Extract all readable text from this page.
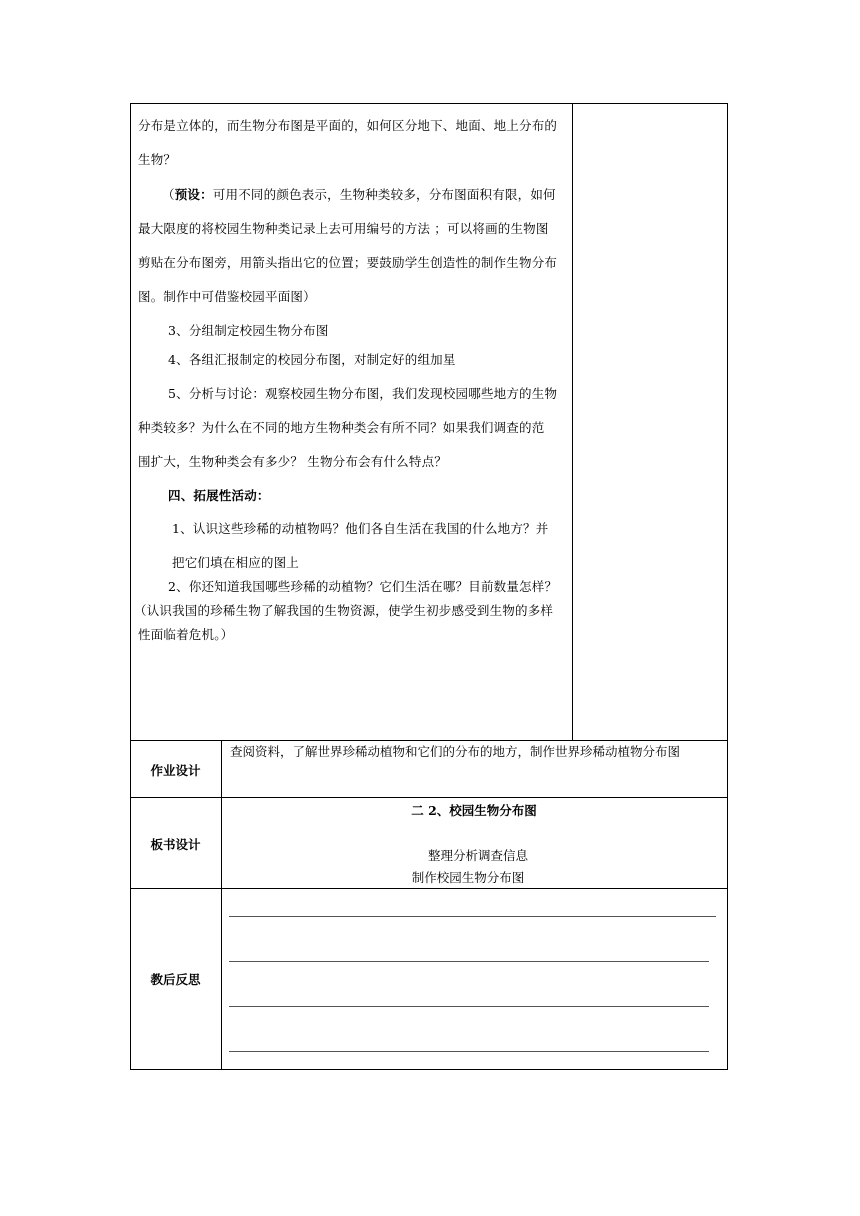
分布是立体的，而生物分布图是平面的，如何区分地下、地面、地上分布的
生物？
（预设：可用不同的颜色表示，生物种类较多，分布图面积有限，如何
最大限度的将校园生物种类记录上去可用编号的方法 ；可以将画的生物图
剪贴在分布图旁，用箭头指出它的位置；要鼓励学生创造性的制作生物分布
图。制作中可借鉴校园平面图）
3、分组制定校园生物分布图
4、各组汇报制定的校园分布图，对制定好的组加星
5、分析与讨论：观察校园生物分布图，我们发现校园哪些地方的生物
种类较多？为什么在不同的地方生物种类会有所不同？如果我们调查的范
围扩大，生物种类会有多少？ 生物分布会有什么特点？
四、拓展性活动：
1、认识这些珍稀的动植物吗？他们各自生活在我国的什么地方？并
把它们填在相应的图上
2、你还知道我国哪些珍稀的动植物？它们生活在哪？目前数量怎样？
（认识我国的珍稀生物了解我国的生物资源，使学生初步感受到生物的多样
性面临着危机。）
作业设计
查阅资料，了解世界珍稀动植物和它们的分布的地方，制作世界珍稀动植物分布图
板书设计
二 2、校园生物分布图
整理分析调查信息
制作校园生物分布图
教后反思
